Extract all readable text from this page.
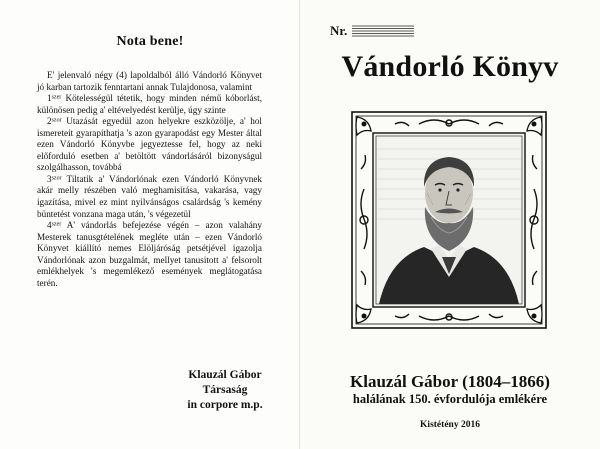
Nota bene!

E' jelenvaló négy (4) lapoldalból álló Vándorló Könyvet jó karban tartozik fenntartani annak Tulajdonosa, valamint

$1^{szer}$ Kötelességül tétetik, hogy minden némű kóborlást, különösen pedig a' eltévelyedést kerülje, úgy szinte

$2^{szor}$ Utazását egyedül azon helyekre eszközölje, a' hol ismereteit gyarapíthatja 's azon gyarapodást egy Mester által ezen Vándorló Könyvbe jegyeztesse fel, hogy az neki előforduló esetben a' betöltött vándorlásáról bizonyságul szolgálhasson, továbbá

$3^{szor}$ Tiltatik a' Vándorlónak ezen Vándorló Könyvnek akár melly részében való meghamisítása, vakarása, vagy igazítása, mivel ez mint nyilvánságos csalárdság 's kemény büntetést vonzana maga után, 's végezetül

$4^{szer}$ A' vándorlás befejezése végén – azon valahány Mesterek tanusgtételének megléte után – ezen Vándorló Könyvet kiállító nemes Elöljáróság petsétjével igazolja Vándorlónak azon buzgalmát, mellyet tanusitott a' felsorolt emlékhelyek 's megemlékező események meglátogatása terén.

Klauzál Gábor
Társaság
in corpore m.p.
Nr.
Vándorló Könyv
Klauzál Gábor (1804–1866)
halálának 150. évfordulója emlékére
Kistétény 2016
